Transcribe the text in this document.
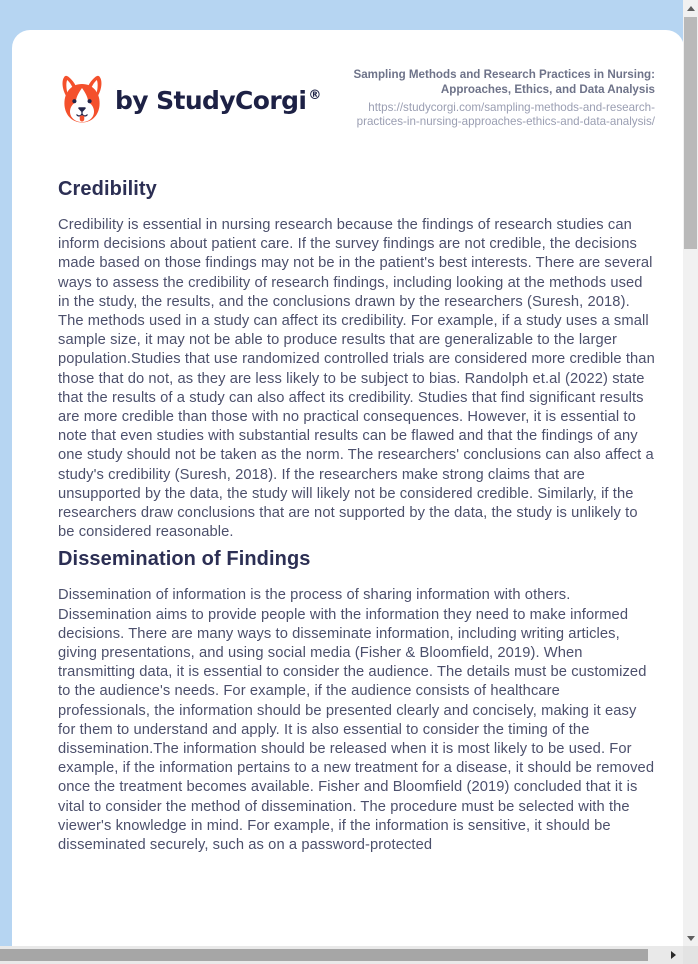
by StudyCorgi ®
Sampling Methods and Research Practices in Nursing: Approaches, Ethics, and Data Analysis
https://studycorgi.com/sampling-methods-and-research-practices-in-nursing-approaches-ethics-and-data-analysis/
Credibility

Credibility is essential in nursing research because the findings of research studies can inform decisions about patient care. If the survey findings are not credible, the decisions made based on those findings may not be in the patient's best interests. There are several ways to assess the credibility of research findings, including looking at the methods used in the study, the results, and the conclusions drawn by the researchers (Suresh, 2018). The methods used in a study can affect its credibility. For example, if a study uses a small sample size, it may not be able to produce results that are generalizable to the larger population.Studies that use randomized controlled trials are considered more credible than those that do not, as they are less likely to be subject to bias. Randolph et.al (2022) state that the results of a study can also affect its credibility. Studies that find significant results are more credible than those with no practical consequences. However, it is essential to note that even studies with substantial results can be flawed and that the findings of any one study should not be taken as the norm. The researchers' conclusions can also affect a study's credibility (Suresh, 2018). If the researchers make strong claims that are unsupported by the data, the study will likely not be considered credible. Similarly, if the researchers draw conclusions that are not supported by the data, the study is unlikely to be considered reasonable.

Dissemination of Findings

Dissemination of information is the process of sharing information with others. Dissemination aims to provide people with the information they need to make informed decisions. There are many ways to disseminate information, including writing articles, giving presentations, and using social media (Fisher & Bloomfield, 2019). When transmitting data, it is essential to consider the audience. The details must be customized to the audience's needs. For example, if the audience consists of healthcare professionals, the information should be presented clearly and concisely, making it easy for them to understand and apply. It is also essential to consider the timing of the dissemination.The information should be released when it is most likely to be used. For example, if the information pertains to a new treatment for a disease, it should be removed once the treatment becomes available. Fisher and Bloomfield (2019) concluded that it is vital to consider the method of dissemination. The procedure must be selected with the viewer's knowledge in mind. For example, if the information is sensitive, it should be disseminated securely, such as on a password-protected
